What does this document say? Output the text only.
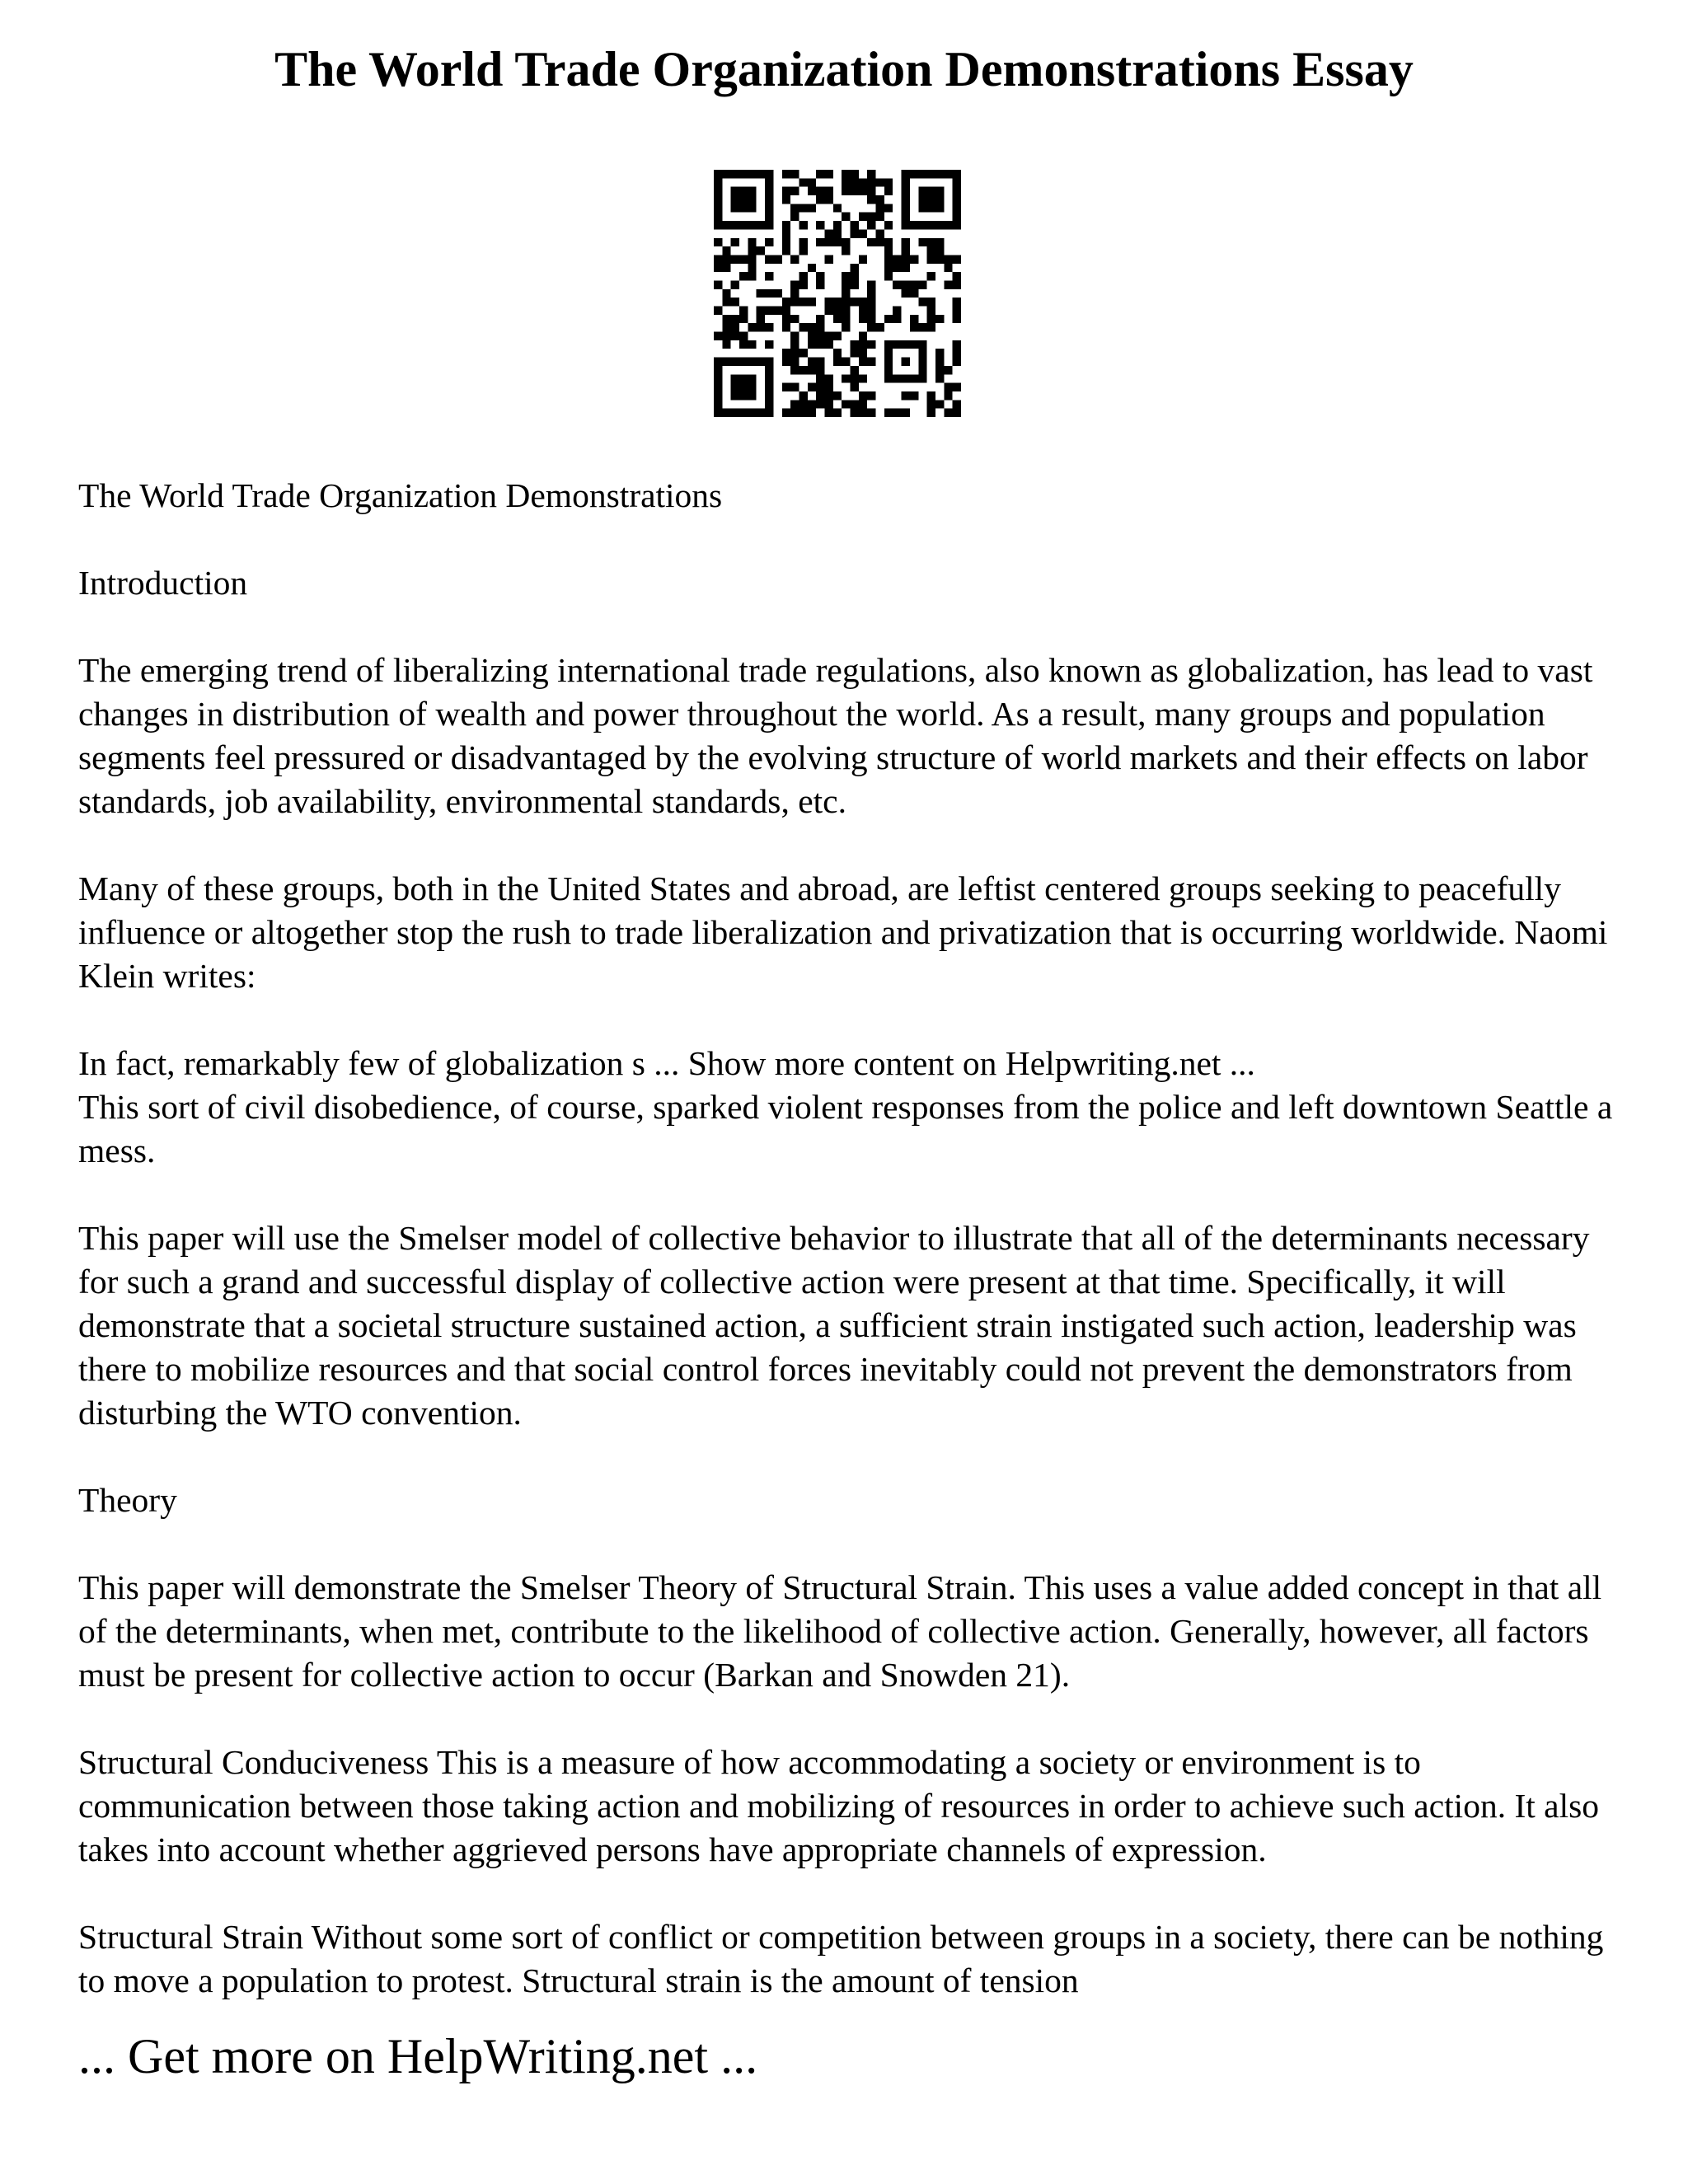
The World Trade Organization Demonstrations Essay

The World Trade Organization Demonstrations

Introduction

The emerging trend of liberalizing international trade regulations, also known as globalization, has lead to vast changes in distribution of wealth and power throughout the world. As a result, many groups and population segments feel pressured or disadvantaged by the evolving structure of world markets and their effects on labor standards, job availability, environmental standards, etc.

Many of these groups, both in the United States and abroad, are leftist centered groups seeking to peacefully influence or altogether stop the rush to trade liberalization and privatization that is occurring worldwide. Naomi Klein writes:

In fact, remarkably few of globalization s ... Show more content on Helpwriting.net ...

This sort of civil disobedience, of course, sparked violent responses from the police and left downtown Seattle a mess.

This paper will use the Smelser model of collective behavior to illustrate that all of the determinants necessary for such a grand and successful display of collective action were present at that time. Specifically, it will demonstrate that a societal structure sustained action, a sufficient strain instigated such action, leadership was there to mobilize resources and that social control forces inevitably could not prevent the demonstrators from disturbing the WTO convention.

Theory

This paper will demonstrate the Smelser Theory of Structural Strain. This uses a value added concept in that all of the determinants, when met, contribute to the likelihood of collective action. Generally, however, all factors must be present for collective action to occur (Barkan and Snowden 21).

Structural Conduciveness This is a measure of how accommodating a society or environment is to communication between those taking action and mobilizing of resources in order to achieve such action. It also takes into account whether aggrieved persons have appropriate channels of expression.

Structural Strain Without some sort of conflict or competition between groups in a society, there can be nothing to move a population to protest. Structural strain is the amount of tension

... Get more on HelpWriting.net ...
